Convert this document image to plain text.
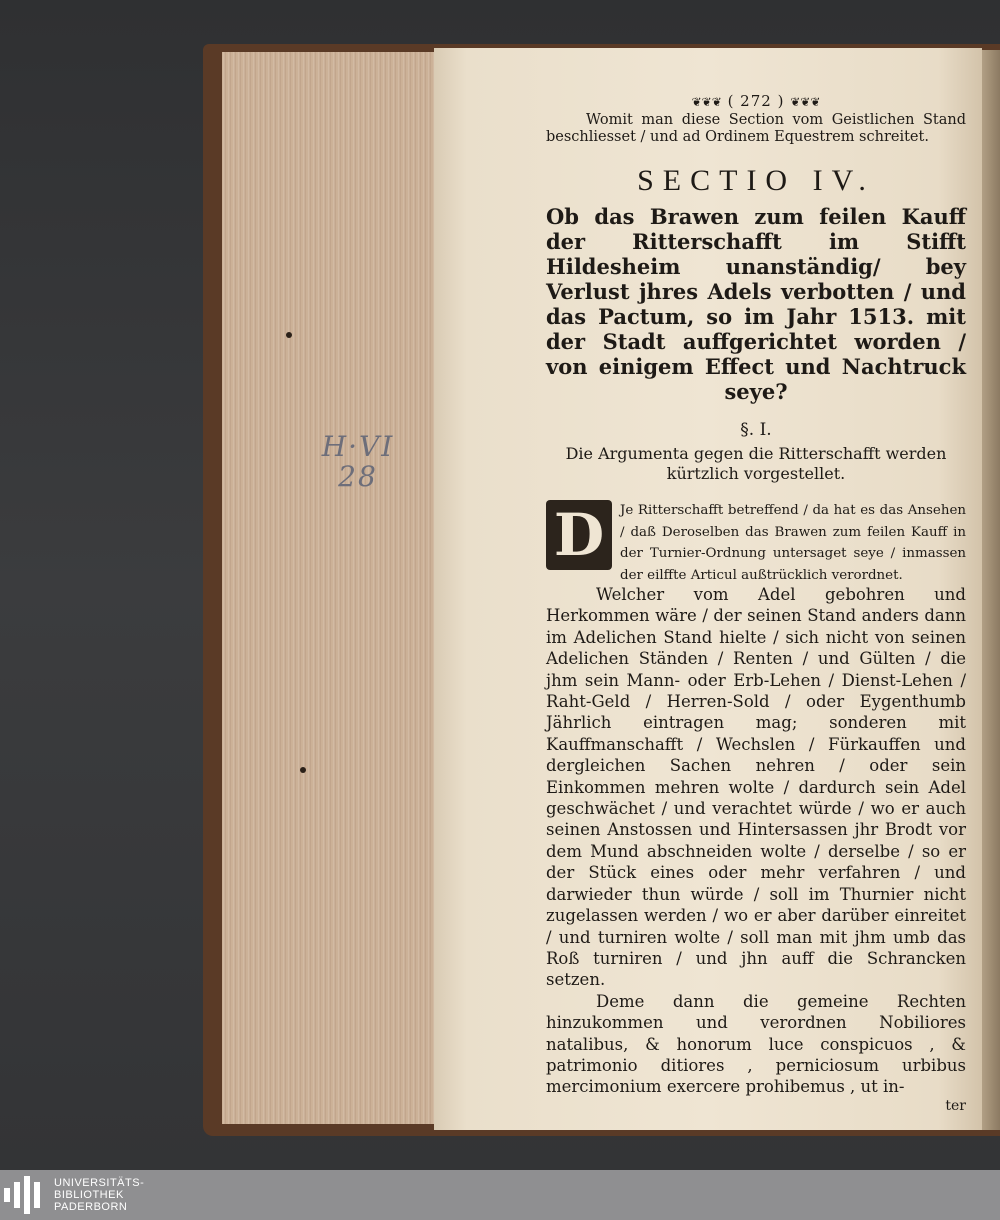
H·VI 28
❦❦❦ ( 272 ) ❦❦❦
Womit man diese Section vom Geistlichen Stand beschliesset / und ad Ordinem Equestrem schreitet.
SECTIO IV.
Ob das Brawen zum feilen Kauff der Ritterschafft im Stifft Hildesheim unanständig/ bey Verlust jhres Adels verbotten / und das Pactum, so im Jahr 1513. mit der Stadt auffgerichtet worden / von einigem Effect und Nachtruck seye?
§. I.
Die Argumenta gegen die Ritterschafft werden kürtzlich vorgestellet.
D	Je Ritterschafft betreffend / da hat es das Ansehen / daß Deroselben das Brawen zum feilen Kauff in der Turnier-Ordnung untersaget seye / inmassen der eilffte Articul außtrücklich verordnet.
Welcher vom Adel gebohren und Herkommen wäre / der seinen Stand anders dann im Adelichen Stand hielte / sich nicht von seinen Adelichen Ständen / Renten / und Gülten / die jhm sein Mann- oder Erb-Lehen / Dienst-Lehen / Raht-Geld / Herren-Sold / oder Eygenthumb Jährlich eintragen mag; sonderen mit Kauffmanschafft / Wechslen / Fürkauffen und dergleichen Sachen nehren / oder sein Einkommen mehren wolte / dardurch sein Adel geschwächet / und verachtet würde / wo er auch seinen Anstossen und Hintersassen jhr Brodt vor dem Mund abschneiden wolte / derselbe / so er der Stück eines oder mehr verfahren / und darwieder thun würde / soll im Thurnier nicht zugelassen werden / wo er aber darüber einreitet / und turniren wolte / soll man mit jhm umb das Roß turniren / und jhn auff die Schrancken setzen.
Deme dann die gemeine Rechten hinzukommen und verordnen Nobiliores natalibus, & honorum luce conspicuos , & patrimonio ditiores , perniciosum urbibus mercimonium exercere prohibemus , ut in-
ter
UNIVERSITÄTS-
BIBLIOTHEK
PADERBORN
